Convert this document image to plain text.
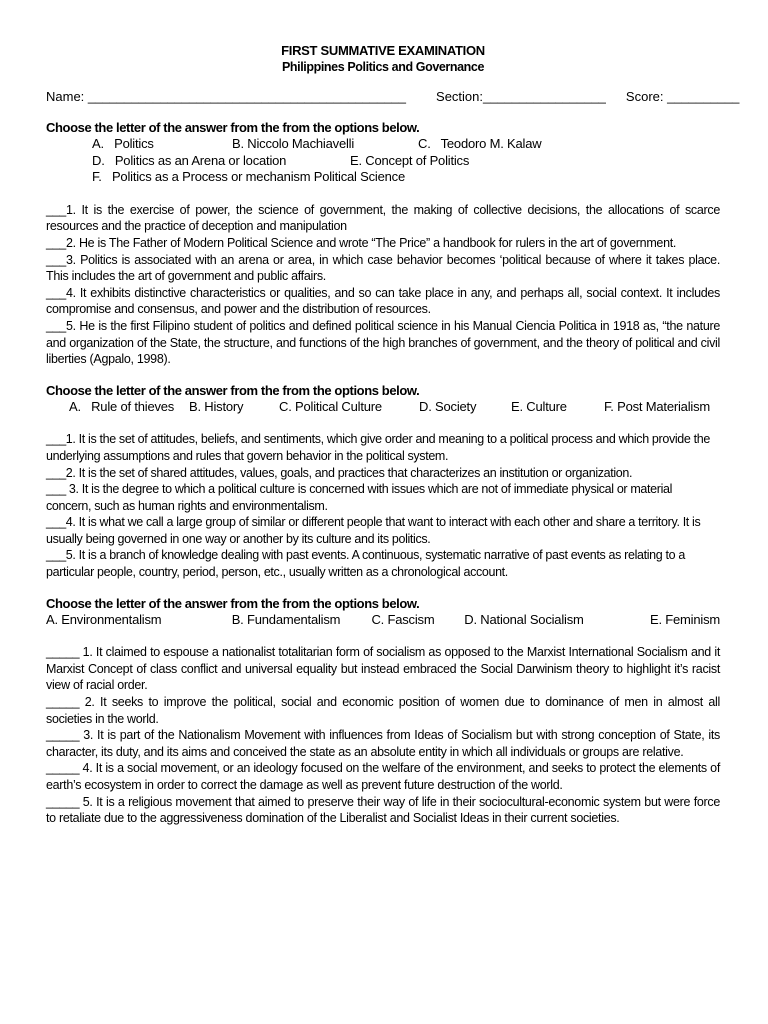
FIRST SUMMATIVE EXAMINATION
Philippines Politics and Governance
Name: ____________________________________________ Section:_________________ Score: __________
Choose the letter of the answer from the from the options below.
A.   Politics	B. Niccolo Machiavelli	C.   Teodoro M. Kalaw
D.   Politics as an Arena or location	E. Concept of Politics
F.   Politics as a Process or mechanism Political Science
___1. It is the exercise of power, the science of government, the making of collective decisions, the allocations of scarce resources and the practice of deception and manipulation
___2. He is The Father of Modern Political Science and wrote “The Price” a handbook for rulers in the art of government.
___3. Politics is associated with an arena or area, in which case behavior becomes ‘political because of where it takes place. This includes the art of government and public affairs.
___4. It exhibits distinctive characteristics or qualities, and so can take place in any, and perhaps all, social context. It includes compromise and consensus, and power and the distribution of resources.
___5. He is the first Filipino student of politics and defined political science in his Manual Ciencia Politica in 1918 as, “the nature and organization of the State, the structure, and functions of the high branches of government, and the theory of political and civil liberties (Agpalo, 1998).
Choose the letter of the answer from the from the options below.
A.   Rule of thieves	B. History	C. Political Culture	D. Society	E. Culture	F. Post Materialism
___1. It is the set of attitudes, beliefs, and sentiments, which give order and meaning to a political process and which provide the underlying assumptions and rules that govern behavior in the political system.
___2. It is the set of shared attitudes, values, goals, and practices that characterizes an institution or organization.
___ 3. It is the degree to which a political culture is concerned with issues which are not of immediate physical or material concern, such as human rights and environmentalism.
___4. It is what we call a large group of similar or different people that want to interact with each other and share a territory. It is usually being governed in one way or another by its culture and its politics.
___5. It is a branch of knowledge dealing with past events. A continuous, systematic narrative of past events as relating to a particular people, country, period, person, etc., usually written as a chronological account.
Choose the letter of the answer from the from the options below.
A. Environmentalism	B. Fundamentalism	C. Fascism	D. National Socialism	E. Feminism
_____ 1. It claimed to espouse a nationalist totalitarian form of socialism as opposed to the Marxist International Socialism and it Marxist Concept of class conflict and universal equality but instead embraced the Social Darwinism theory to highlight it’s racist view of racial order.
_____ 2. It seeks to improve the political, social and economic position of women due to dominance of men in almost all societies in the world.
_____ 3. It is part of the Nationalism Movement with influences from Ideas of Socialism but with strong conception of State, its character, its duty, and its aims and conceived the state as an absolute entity in which all individuals or groups are relative.
_____ 4. It is a social movement, or an ideology focused on the welfare of the environment, and seeks to protect the elements of earth’s ecosystem in order to correct the damage as well as prevent future destruction of the world.
_____ 5. It is a religious movement that aimed to preserve their way of life in their sociocultural-economic system but were force to retaliate due to the aggressiveness domination of the Liberalist and Socialist Ideas in their current societies.
